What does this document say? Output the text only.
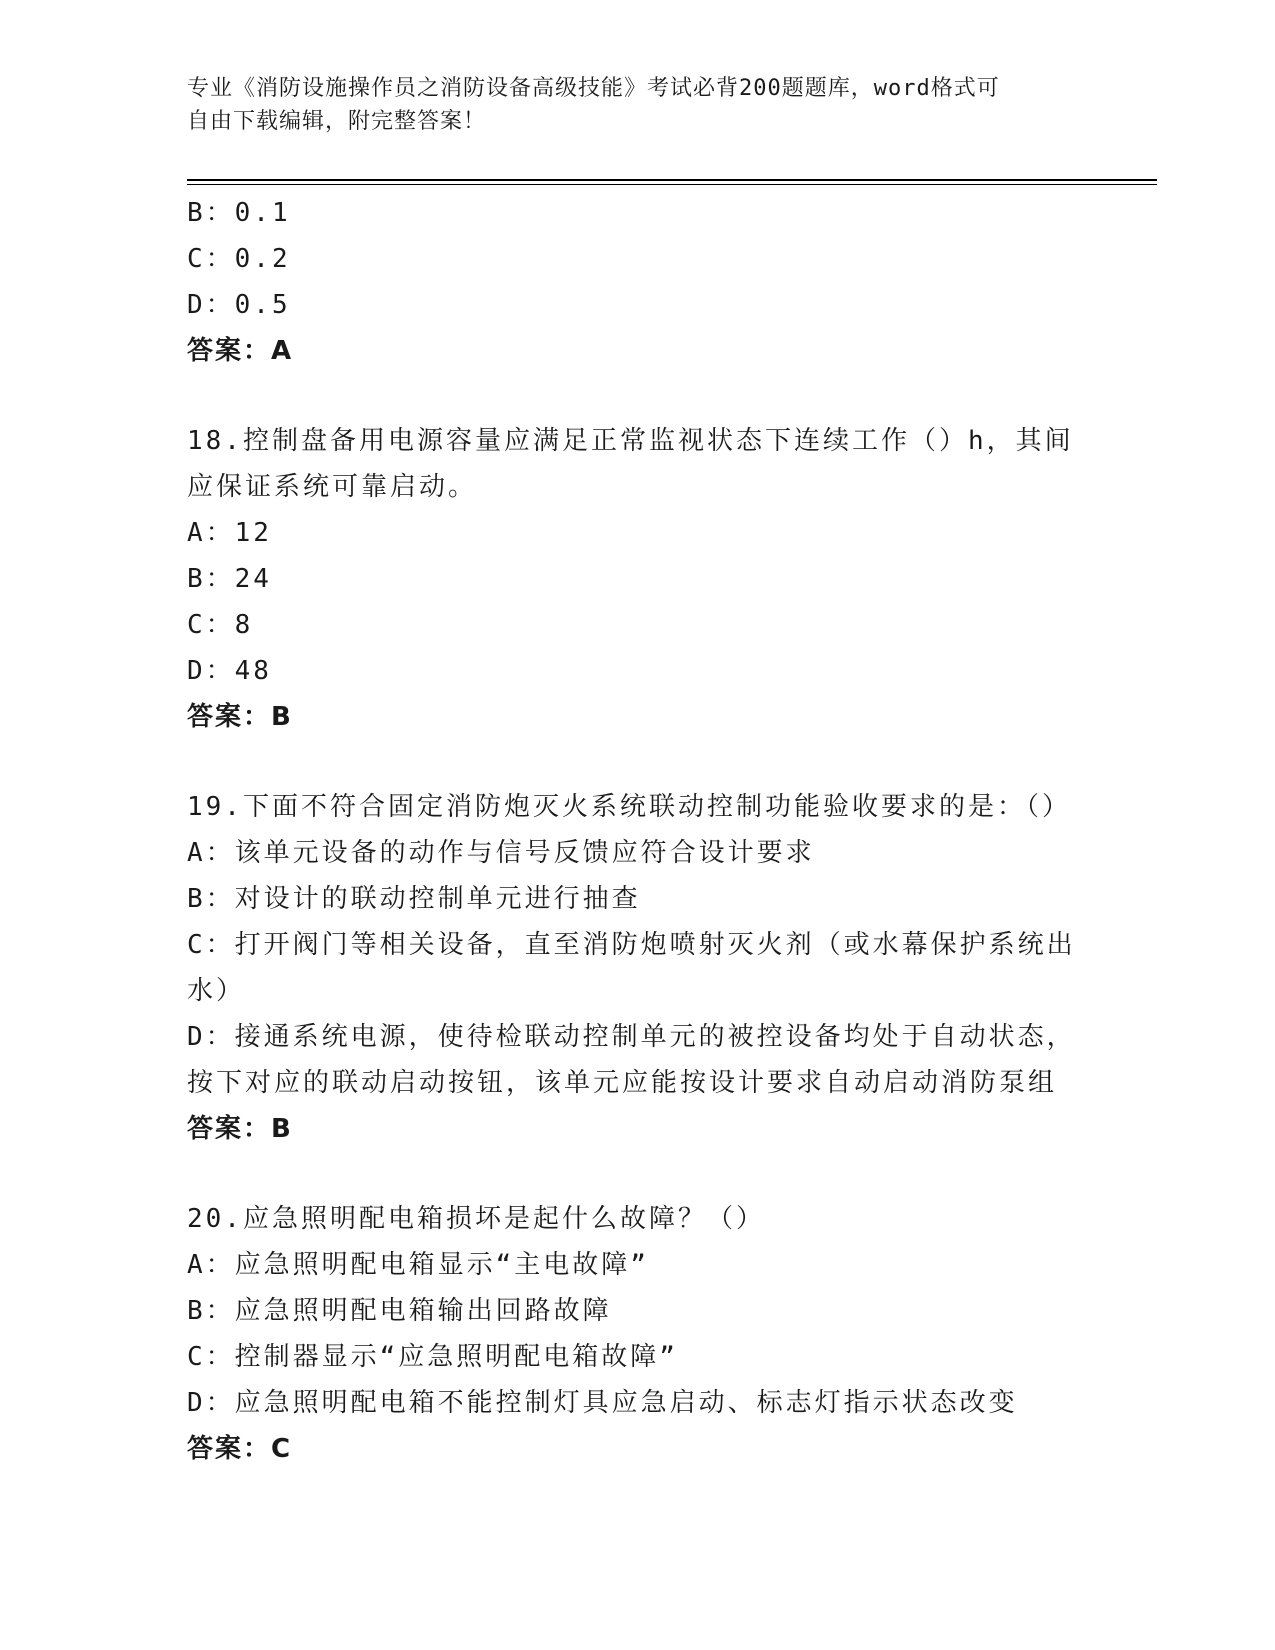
专业《消防设施操作员之消防设备高级技能》考试必背200题题库，word格式可
自由下载编辑，附完整答案！
B：0.1
C：0.2
D：0.5
答案：A
18.控制盘备用电源容量应满足正常监视状态下连续工作（）h，其间应保证系统可靠启动。
A：12
B：24
C：8
D：48
答案：B
19.下面不符合固定消防炮灭火系统联动控制功能验收要求的是：（）
A：该单元设备的动作与信号反馈应符合设计要求
B：对设计的联动控制单元进行抽查
C：打开阀门等相关设备，直至消防炮喷射灭火剂（或水幕保护系统出水）
D：接通系统电源，使待检联动控制单元的被控设备均处于自动状态，按下对应的联动启动按钮，该单元应能按设计要求自动启动消防泵组
答案：B
20.应急照明配电箱损坏是起什么故障？（）
A：应急照明配电箱显示“主电故障”
B：应急照明配电箱输出回路故障
C：控制器显示“应急照明配电箱故障”
D：应急照明配电箱不能控制灯具应急启动、标志灯指示状态改变
答案：C
